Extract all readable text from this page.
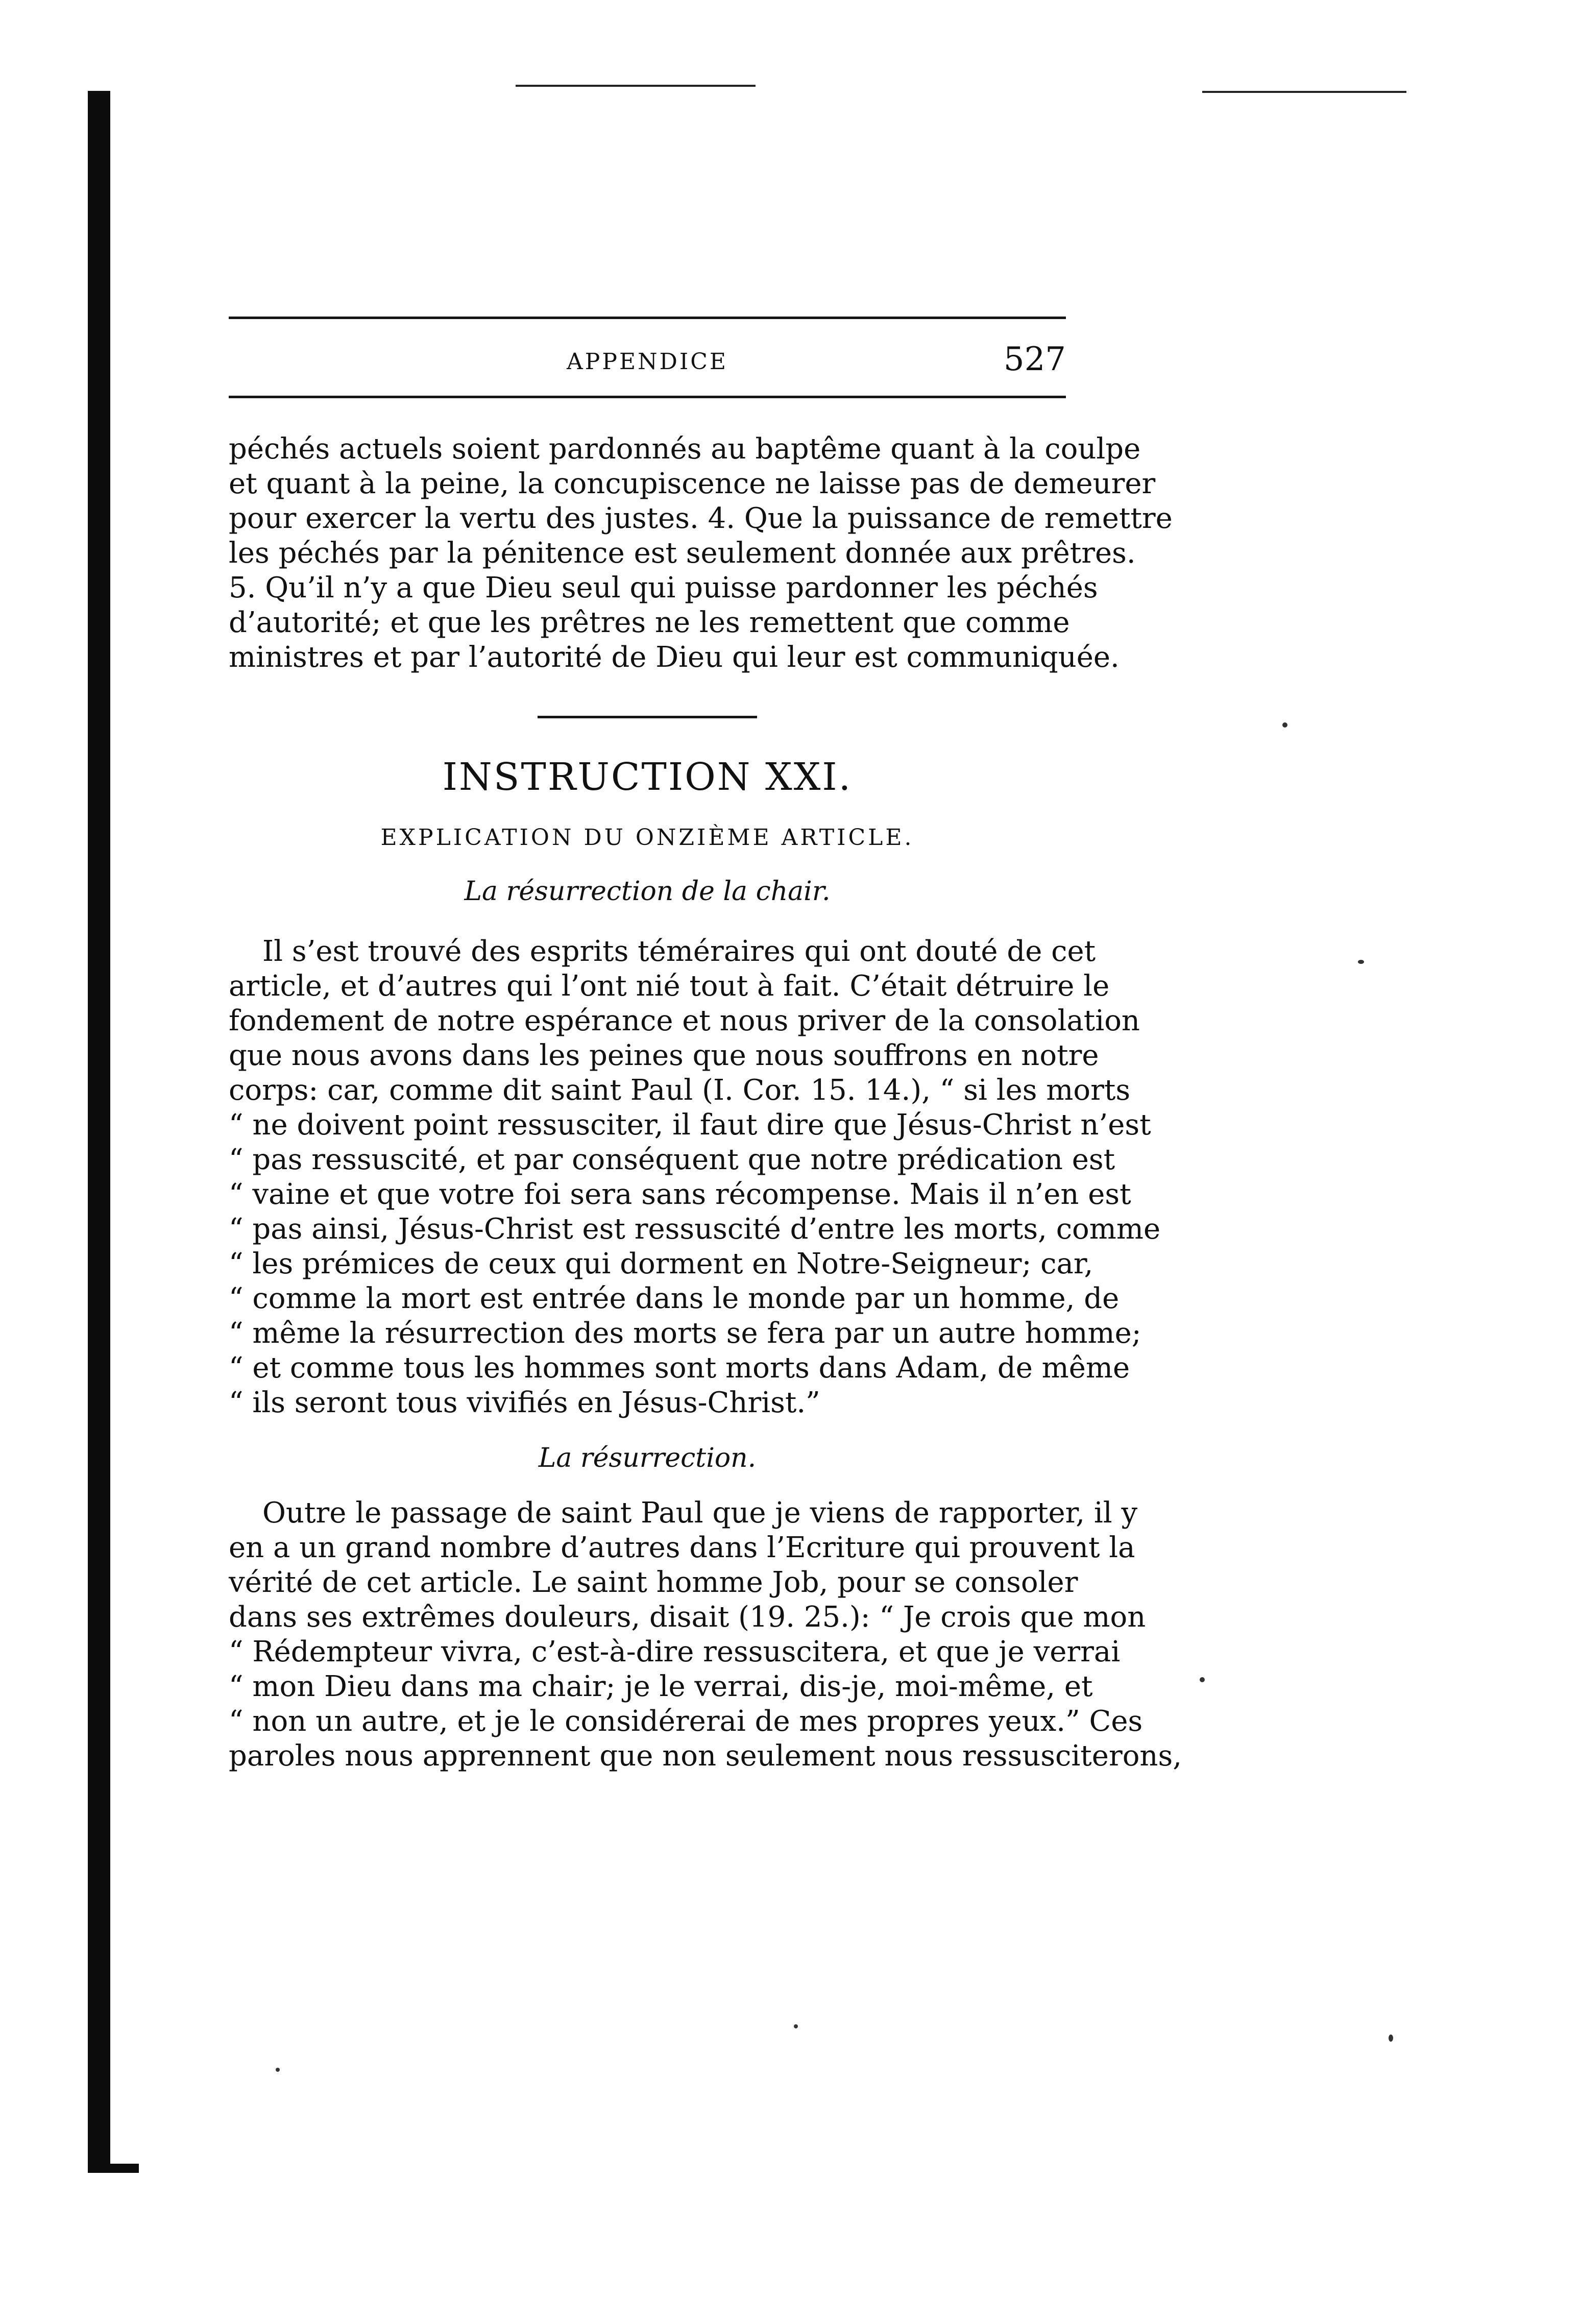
APPENDICE	527
péchés actuels soient pardonnés au baptême quant à la coulpe
et quant à la peine, la concupiscence ne laisse pas de demeurer
pour exercer la vertu des justes. 4. Que la puissance de remettre
les péchés par la pénitence est seulement donnée aux prêtres.
5. Qu’il n’y a que Dieu seul qui puisse pardonner les péchés
d’autorité; et que les prêtres ne les remettent que comme
ministres et par l’autorité de Dieu qui leur est communiquée.
INSTRUCTION XXI.
EXPLICATION DU ONZIÈME ARTICLE.
La résurrection de la chair.
Il s’est trouvé des esprits téméraires qui ont douté de cet
article, et d’autres qui l’ont nié tout à fait. C’était détruire le
fondement de notre espérance et nous priver de la consolation
que nous avons dans les peines que nous souffrons en notre
corps: car, comme dit saint Paul (I. Cor. 15. 14.), “ si les morts
“ ne doivent point ressusciter, il faut dire que Jésus-Christ n’est
“ pas ressuscité, et par conséquent que notre prédication est
“ vaine et que votre foi sera sans récompense. Mais il n’en est
“ pas ainsi, Jésus-Christ est ressuscité d’entre les morts, comme
“ les prémices de ceux qui dorment en Notre-Seigneur; car,
“ comme la mort est entrée dans le monde par un homme, de
“ même la résurrection des morts se fera par un autre homme;
“ et comme tous les hommes sont morts dans Adam, de même
“ ils seront tous vivifiés en Jésus-Christ.”
La résurrection.
Outre le passage de saint Paul que je viens de rapporter, il y
en a un grand nombre d’autres dans l’Ecriture qui prouvent la
vérité de cet article. Le saint homme Job, pour se consoler
dans ses extrêmes douleurs, disait (19. 25.): “ Je crois que mon
“ Rédempteur vivra, c’est-à-dire ressuscitera, et que je verrai
“ mon Dieu dans ma chair; je le verrai, dis-je, moi-même, et
“ non un autre, et je le considérerai de mes propres yeux.” Ces
paroles nous apprennent que non seulement nous ressusciterons,
